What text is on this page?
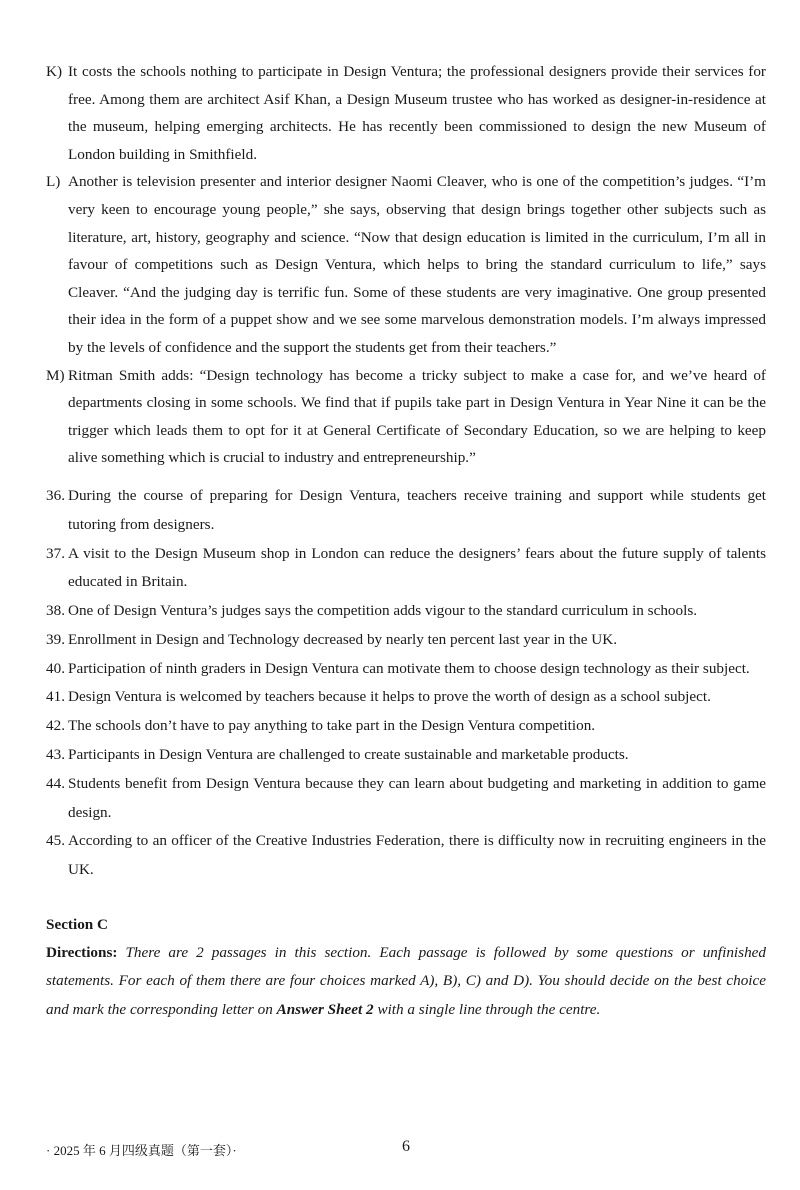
K) It costs the schools nothing to participate in Design Ventura; the professional designers provide their services for free. Among them are architect Asif Khan, a Design Museum trustee who has worked as designer-in-residence at the museum, helping emerging architects. He has recently been commissioned to design the new Museum of London building in Smithfield.
L) Another is television presenter and interior designer Naomi Cleaver, who is one of the competition’s judges. “I’m very keen to encourage young people,” she says, observing that design brings together other subjects such as literature, art, history, geography and science. “Now that design education is limited in the curriculum, I’m all in favour of competitions such as Design Ventura, which helps to bring the standard curriculum to life,” says Cleaver. “And the judging day is terrific fun. Some of these students are very imaginative. One group presented their idea in the form of a puppet show and we see some marvelous demonstration models. I’m always impressed by the levels of confidence and the support the students get from their teachers.”
M) Ritman Smith adds: “Design technology has become a tricky subject to make a case for, and we’ve heard of departments closing in some schools. We find that if pupils take part in Design Ventura in Year Nine it can be the trigger which leads them to opt for it at General Certificate of Secondary Education, so we are helping to keep alive something which is crucial to industry and entrepreneurship.”
36. During the course of preparing for Design Ventura, teachers receive training and support while students get tutoring from designers.
37. A visit to the Design Museum shop in London can reduce the designers’ fears about the future supply of talents educated in Britain.
38. One of Design Ventura’s judges says the competition adds vigour to the standard curriculum in schools.
39. Enrollment in Design and Technology decreased by nearly ten percent last year in the UK.
40. Participation of ninth graders in Design Ventura can motivate them to choose design technology as their subject.
41. Design Ventura is welcomed by teachers because it helps to prove the worth of design as a school subject.
42. The schools don’t have to pay anything to take part in the Design Ventura competition.
43. Participants in Design Ventura are challenged to create sustainable and marketable products.
44. Students benefit from Design Ventura because they can learn about budgeting and marketing in addition to game design.
45. According to an officer of the Creative Industries Federation, there is difficulty now in recruiting engineers in the UK.
Section C
Directions: There are 2 passages in this section. Each passage is followed by some questions or unfinished statements. For each of them there are four choices marked A), B), C) and D). You should decide on the best choice and mark the corresponding letter on Answer Sheet 2 with a single line through the centre.
· 2025 年 6 月四级真题（第一套）·	6
